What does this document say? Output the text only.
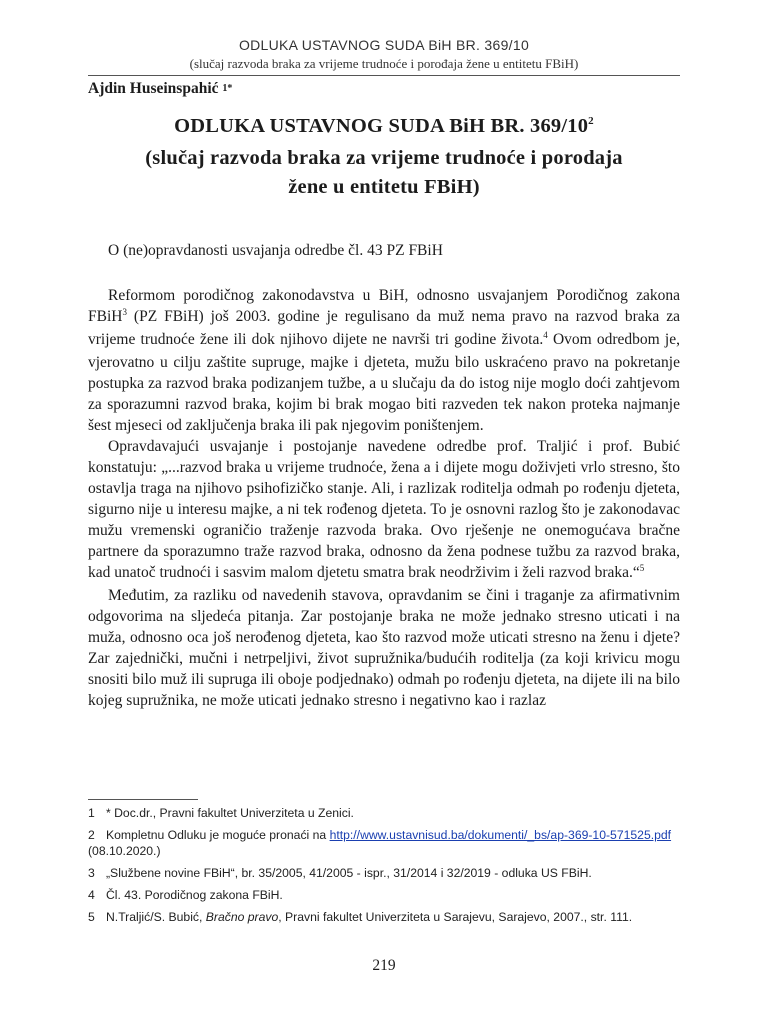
ODLUKA USTAVNOG SUDA BiH BR. 369/10
(slučaj razvoda braka za vrijeme trudnoće i porođaja žene u entitetu FBiH)
Ajdin Huseinspahić $^{1*}$
ODLUKA USTAVNOG SUDA BiH BR. $369/10^2$
(slučaj razvoda braka za vrijeme trudnoće i porodaja
žene u entitetu FBiH)
O (ne)opravdanosti usvajanja odredbe čl. 43 PZ FBiH

Reformom porodičnog zakonodavstva u BiH, odnosno usvajanjem Porodičnog zakona FBiH$^3$ (PZ FBiH) još 2003. godine je regulisano da muž nema pravo na razvod braka za vrijeme trudnoće žene ili dok njihovo dijete ne navrši tri godine života.$^4$ Ovom odredbom je, vjerovatno u cilju zaštite supruge, majke i djeteta, mužu bilo uskraćeno pravo na pokretanje postupka za razvod braka podizanjem tužbe, a u slučaju da do istog nije moglo doći zahtjevom za sporazumni razvod braka, kojim bi brak mogao biti razveden tek nakon proteka najmanje šest mjeseci od zaključenja braka ili pak njegovim poništenjem.

Opravdavajući usvajanje i postojanje navedene odredbe prof. Traljić i prof. Bubić konstatuju: „...razvod braka u vrijeme trudnoće, žena a i dijete mogu doživjeti vrlo stresno, što ostavlja traga na njihovo psihofizičko stanje. Ali, i razlizak roditelja odmah po rođenju djeteta, sigurno nije u interesu majke, a ni tek rođenog djeteta. To je osnovni razlog što je zakonodavac mužu vremenski ograničio traženje razvoda braka. Ovo rješenje ne onemogućava bračne partnere da sporazumno traže razvod braka, odnosno da žena podnese tužbu za razvod braka, kad unatoč trudnoći i sasvim malom djetetu smatra brak neodrživim i želi razvod braka.“$^5$

Međutim, za razliku od navedenih stavova, opravdanim se čini i traganje za afirmativnim odgovorima na sljedeća pitanja. Zar postojanje braka ne može jednako stresno uticati i na muža, odnosno oca još nerođenog djeteta, kao što razvod može uticati stresno na ženu i djete? Zar zajednički, mučni i netrpeljivi, život supružnika/budućih roditelja (za koji krivicu mogu snositi bilo muž ili supruga ili oboje podjednako) odmah po rođenju djeteta, na dijete ili na bilo kojeg supružnika, ne može uticati jednako stresno i negativno kao i razlaz

1 * Doc.dr., Pravni fakultet Univerziteta u Zenici.
2 Kompletnu Odluku je moguće pronaći na http://www.ustavnisud.ba/dokumenti/_bs/ap-369-10-571525.pdf (08.10.2020.)
3 „Službene novine FBiH“, br. 35/2005, 41/2005 - ispr., 31/2014 i 32/2019 - odluka US FBiH.
4 Čl. 43. Porodičnog zakona FBiH.
5 N.Traljić/S. Bubić, Bračno pravo, Pravni fakultet Univerziteta u Sarajevu, Sarajevo, 2007., str. 111.
219
